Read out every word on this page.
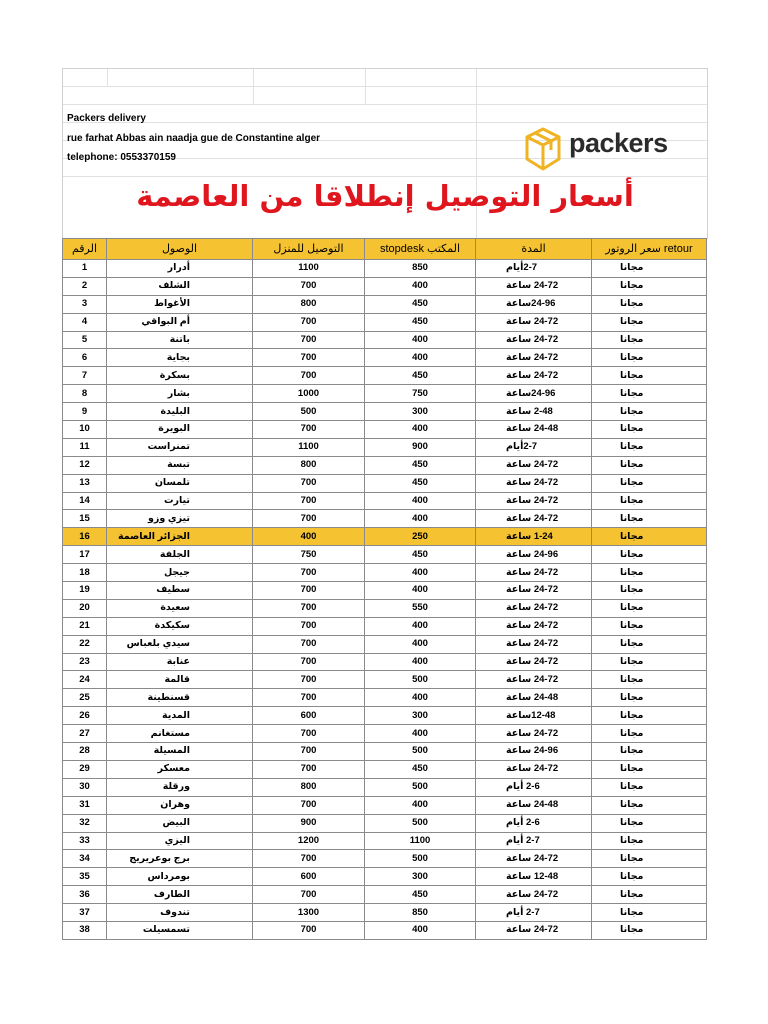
Packers delivery
rue farhat Abbas ain naadja gue de Constantine alger
telephone: 0553370159	packers
أسعار التوصيل إنطلاقا من العاصمة
الرقم	الوصول	التوصيل للمنزل	المكتب stopdesk	المدة	retour سعر الروتور
1	أدرار	1100	850	2-7أيام	مجانا
2	الشلف	700	400	24-72 ساعة	مجانا
3	الأغواط	800	450	24-96ساعة	مجانا
4	أم البواقي	700	450	24-72 ساعة	مجانا
5	باتنة	700	400	24-72 ساعة	مجانا
6	بجاية	700	400	24-72 ساعة	مجانا
7	بسكرة	700	450	24-72 ساعة	مجانا
8	بشار	1000	750	24-96ساعة	مجانا
9	البليدة	500	300	2-48 ساعة	مجانا
10	البويرة	700	400	24-48 ساعة	مجانا
11	تمنراست	1100	900	2-7أيام	مجانا
12	تبسة	800	450	24-72 ساعة	مجانا
13	تلمسان	700	450	24-72 ساعة	مجانا
14	تيارت	700	400	24-72 ساعة	مجانا
15	تيزي وزو	700	400	24-72 ساعة	مجانا
16	الجزائر العاصمة	400	250	1-24 ساعة	مجانا
17	الجلفة	750	450	24-96 ساعة	مجانا
18	جيجل	700	400	24-72 ساعة	مجانا
19	سطيف	700	400	24-72 ساعة	مجانا
20	سعيدة	700	550	24-72 ساعة	مجانا
21	سكيكدة	700	400	24-72 ساعة	مجانا
22	سيدي بلعباس	700	400	24-72 ساعة	مجانا
23	عنابة	700	400	24-72 ساعة	مجانا
24	قالمة	700	500	24-72 ساعة	مجانا
25	قسنطينة	700	400	24-48 ساعة	مجانا
26	المدية	600	300	12-48ساعة	مجانا
27	مستغانم	700	400	24-72 ساعة	مجانا
28	المسيلة	700	500	24-96 ساعة	مجانا
29	معسكر	700	450	24-72 ساعة	مجانا
30	ورقلة	800	500	2-6 أيام	مجانا
31	وهران	700	400	24-48 ساعة	مجانا
32	البيض	900	500	2-6 أيام	مجانا
33	اليزي	1200	1100	2-7 أيام	مجانا
34	برج بوعريريج	700	500	24-72 ساعة	مجانا
35	بومرداس	600	300	12-48 ساعة	مجانا
36	الطارف	700	450	24-72 ساعة	مجانا
37	تندوف	1300	850	2-7 أيام	مجانا
38	تسمسيلت	700	400	24-72 ساعة	مجانا
